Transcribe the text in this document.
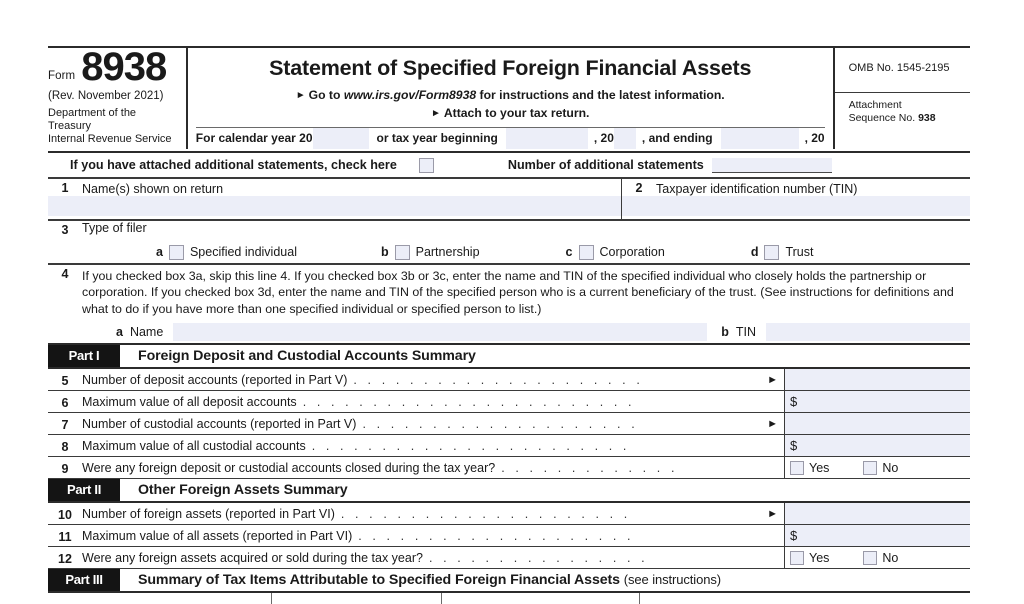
Form 8938
(Rev. November 2021)
Department of the Treasury
Internal Revenue Service
Statement of Specified Foreign Financial Assets
► Go to www.irs.gov/Form8938 for instructions and the latest information.
► Attach to your tax return.
For calendar year 20	or tax year beginning	, 20	, and ending	, 20
OMB No. 1545-2195
Attachment
Sequence No. 938
If you have attached additional statements, check here	Number of additional statements
1	Name(s) shown on return	2	Taxpayer identification number (TIN)
3	Type of filer
a Specified individual	b Partnership	c Corporation	d Trust
4	If you checked box 3a, skip this line 4. If you checked box 3b or 3c, enter the name and TIN of the specified individual who closely holds the partnership or corporation. If you checked box 3d, enter the name and TIN of the specified person who is a current beneficiary of the trust. (See instructions for definitions and what to do if you have more than one specified individual or specified person to list.)
a Name	b TIN
Part I	Foreign Deposit and Custodial Accounts Summary
5	Number of deposit accounts (reported in Part V) . . . . . . . . . . . . . . . . . . . . .	►
6	Maximum value of all deposit accounts . . . . . . . . . . . . . . . . . . . . . . . .	$
7	Number of custodial accounts (reported in Part V) . . . . . . . . . . . . . . . . . . . .	►
8	Maximum value of all custodial accounts . . . . . . . . . . . . . . . . . . . . . . .	$
9	Were any foreign deposit or custodial accounts closed during the tax year? . . . . . . . . . . . . .	Yes	No
Part II	Other Foreign Assets Summary
10 Number of foreign assets (reported in Part VI) . . . . . . . . . . . . . . . . . . . . .	►
11 Maximum value of all assets (reported in Part VI) . . . . . . . . . . . . . . . . . . . .	$
12 Were any foreign assets acquired or sold during the tax year? . . . . . . . . . . . . . . . .	Yes	No
Part III	Summary of Tax Items Attributable to Specified Foreign Financial Assets (see instructions)
